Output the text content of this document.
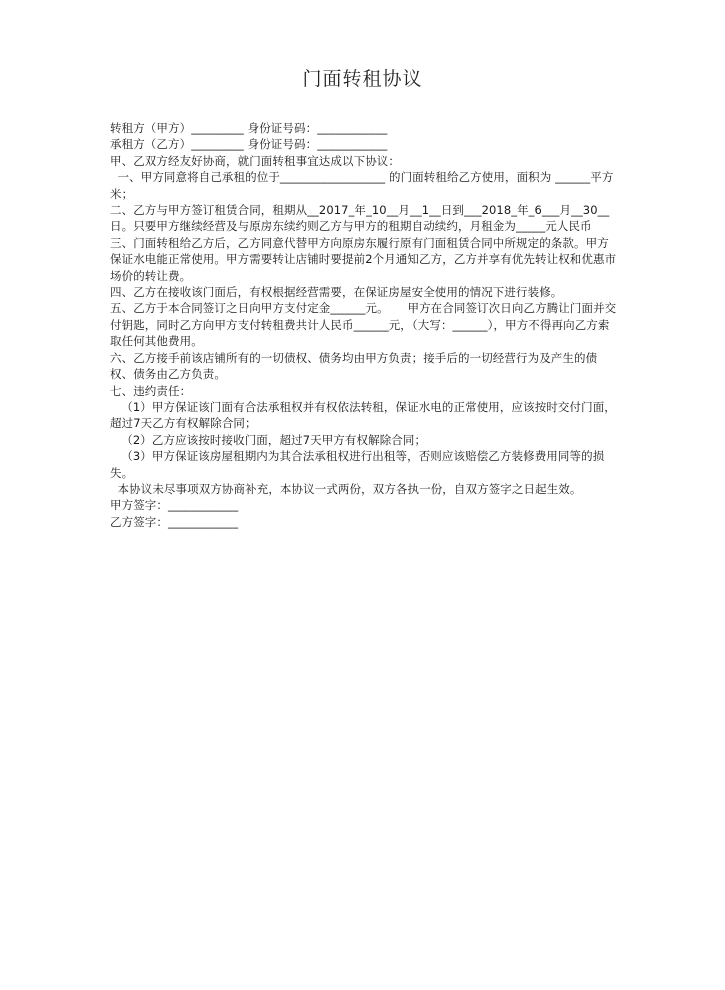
门面转租协议

转租方（甲方）_________ 身份证号码：____________

承租方（乙方）_________ 身份证号码：____________

甲、乙双方经友好协商，就门面转租事宜达成以下协议：

一、甲方同意将自己承租的位于__________________ 的门面转租给乙方使用，面积为 ______平方米；

二、乙方与甲方签订租赁合同，租期从__2017_年_10__月__1__日到___2018_年_6___月__30__日。只要甲方继续经营及与原房东续约则乙方与甲方的租期自动续约，月租金为_____元人民币

三、门面转租给乙方后，乙方同意代替甲方向原房东履行原有门面租赁合同中所规定的条款。甲方保证水电能正常使用。甲方需要转让店铺时要提前2个月通知乙方，乙方并享有优先转让权和优惠市场价的转让费。

四、乙方在接收该门面后，有权根据经营需要，在保证房屋安全使用的情况下进行装修。

五、乙方于本合同签订之日向甲方支付定金______元。     甲方在合同签订次日向乙方腾让门面并交付钥匙，同时乙方向甲方支付转租费共计人民币______元，（大写：______），甲方不得再向乙方索取任何其他费用。

六、乙方接手前该店铺所有的一切债权、债务均由甲方负责；接手后的一切经营行为及产生的债权、债务由乙方负责。

七、违约责任：

（1）甲方保证该门面有合法承租权并有权依法转租，保证水电的正常使用，应该按时交付门面，超过7天乙方有权解除合同；

（2）乙方应该按时接收门面，超过7天甲方有权解除合同；

（3）甲方保证该房屋租期内为其合法承租权进行出租等，否则应该赔偿乙方装修费用同等的损失。

本协议未尽事项双方协商补充，本协议一式两份，双方各执一份，自双方签字之日起生效。

甲方签字：____________

乙方签字：____________
